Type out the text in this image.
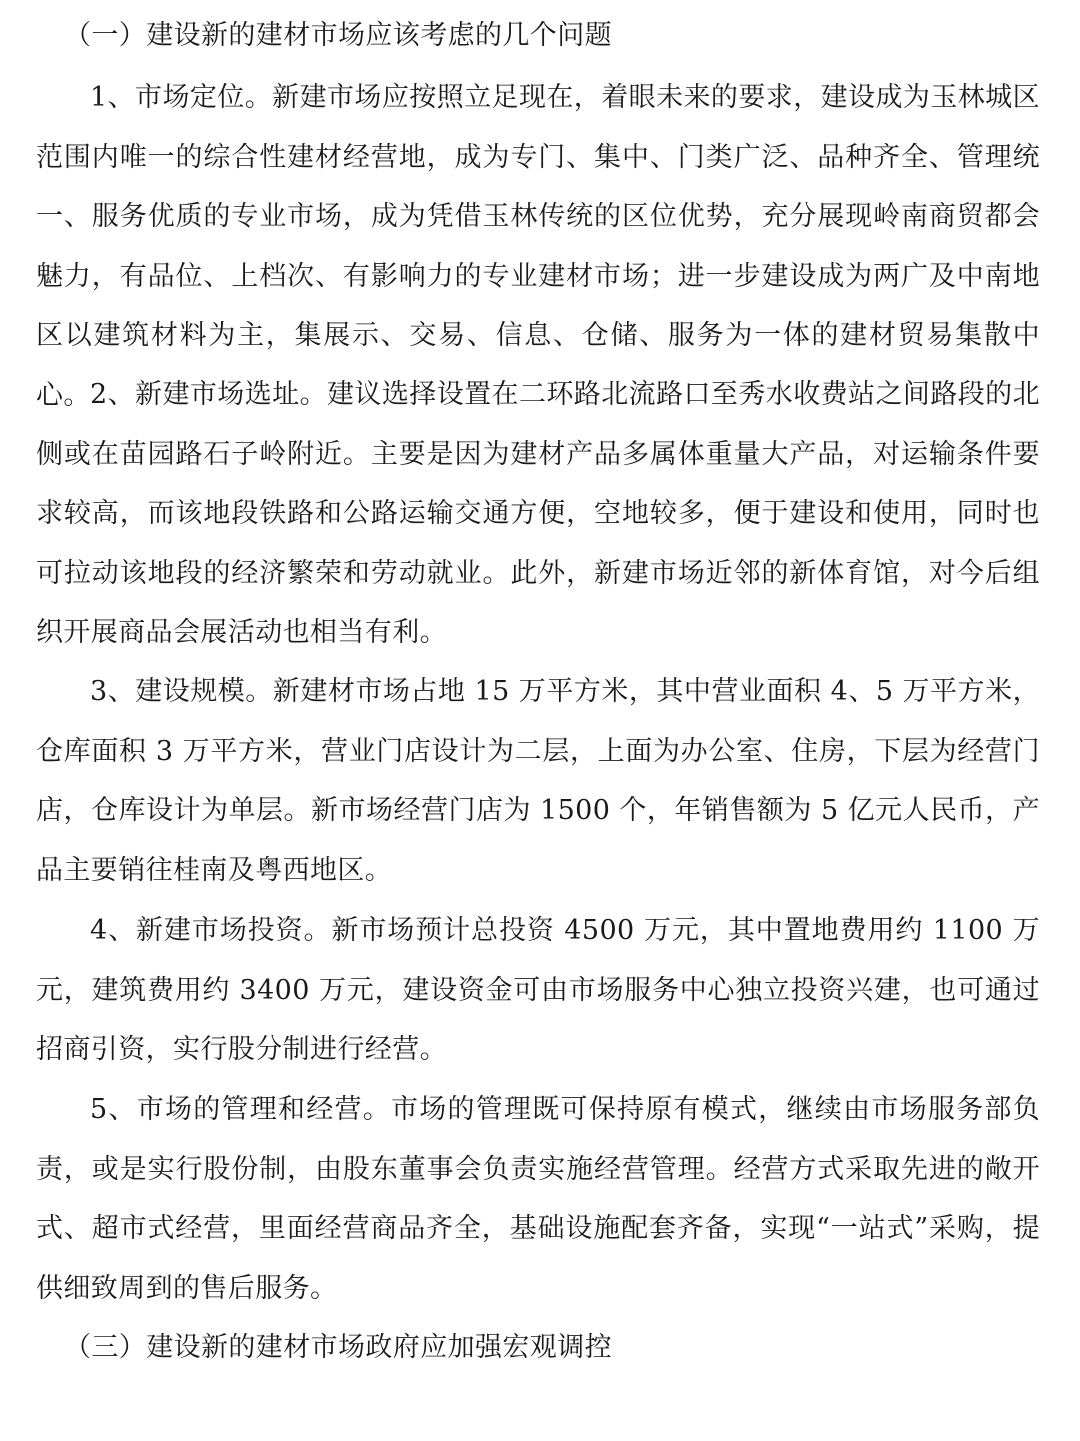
（一）建设新的建材市场应该考虑的几个问题

1、市场定位。新建市场应按照立足现在，着眼未来的要求，建设成为玉林城区范围内唯一的综合性建材经营地，成为专门、集中、门类广泛、品种齐全、管理统一、服务优质的专业市场，成为凭借玉林传统的区位优势，充分展现岭南商贸都会魅力，有品位、上档次、有影响力的专业建材市场；进一步建设成为两广及中南地区以建筑材料为主，集展示、交易、信息、仓储、服务为一体的建材贸易集散中心。 2、新建市场选址。建议选择设置在二环路北流路口至秀水收费站之间路段的北侧或在苗园路石子岭附近。主要是因为建材产品多属体重量大产品，对运输条件要求较高，而该地段铁路和公路运输交通方便，空地较多，便于建设和使用，同时也可拉动该地段的经济繁荣和劳动就业。此外，新建市场近邻的新体育馆，对今后组织开展商品会展活动也相当有利。

3、建设规模。新建材市场占地 15 万平方米，其中营业面积 4、5 万平方米，仓库面积 3 万平方米，营业门店设计为二层，上面为办公室、住房，下层为经营门店，仓库设计为单层。新市场经营门店为 1500 个，年销售额为 5 亿元人民币，产品主要销往桂南及粤西地区。

4、新建市场投资。新市场预计总投资 4500 万元，其中置地费用约 1100 万元，建筑费用约 3400 万元，建设资金可由市场服务中心独立投资兴建，也可通过招商引资，实行股分制进行经营。

5、市场的管理和经营。市场的管理既可保持原有模式，继续由市场服务部负责，或是实行股份制，由股东董事会负责实施经营管理。经营方式采取先进的敞开式、超市式经营，里面经营商品齐全，基础设施配套齐备，实现“一站式”采购，提供细致周到的售后服务。

（三）建设新的建材市场政府应加强宏观调控
